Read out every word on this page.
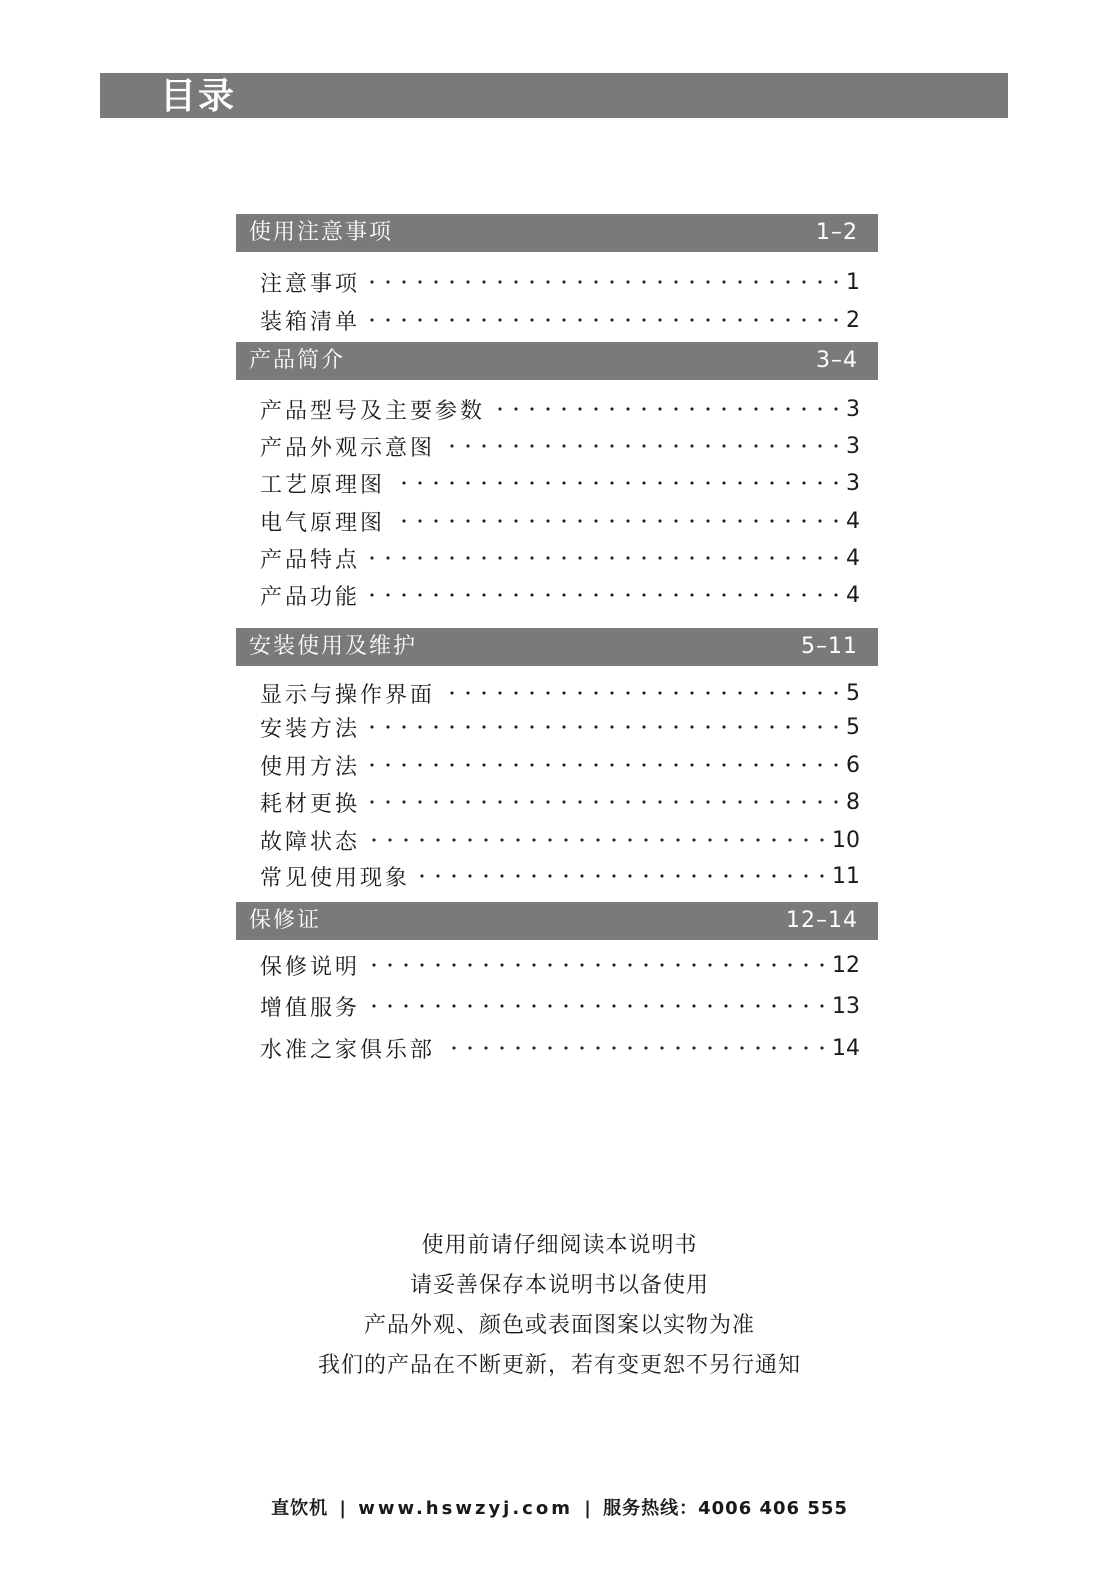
目录
使用注意事项	1–2
注意事项	1
装箱清单	2
产品简介	3–4
产品型号及主要参数	3
产品外观示意图	3
工艺原理图	3
电气原理图	4
产品特点	4
产品功能	4
安装使用及维护	5–11
显示与操作界面	5
安装方法	5
使用方法	6
耗材更换	8
故障状态	10
常见使用现象	11
保修证	12–14
保修说明	12
增值服务	13
水准之家俱乐部	14
使用前请仔细阅读本说明书
请妥善保存本说明书以备使用
产品外观、颜色或表面图案以实物为准
我们的产品在不断更新，若有变更恕不另行通知
直饮机 | www.hswzyj.com | 服务热线：4006 406 555
